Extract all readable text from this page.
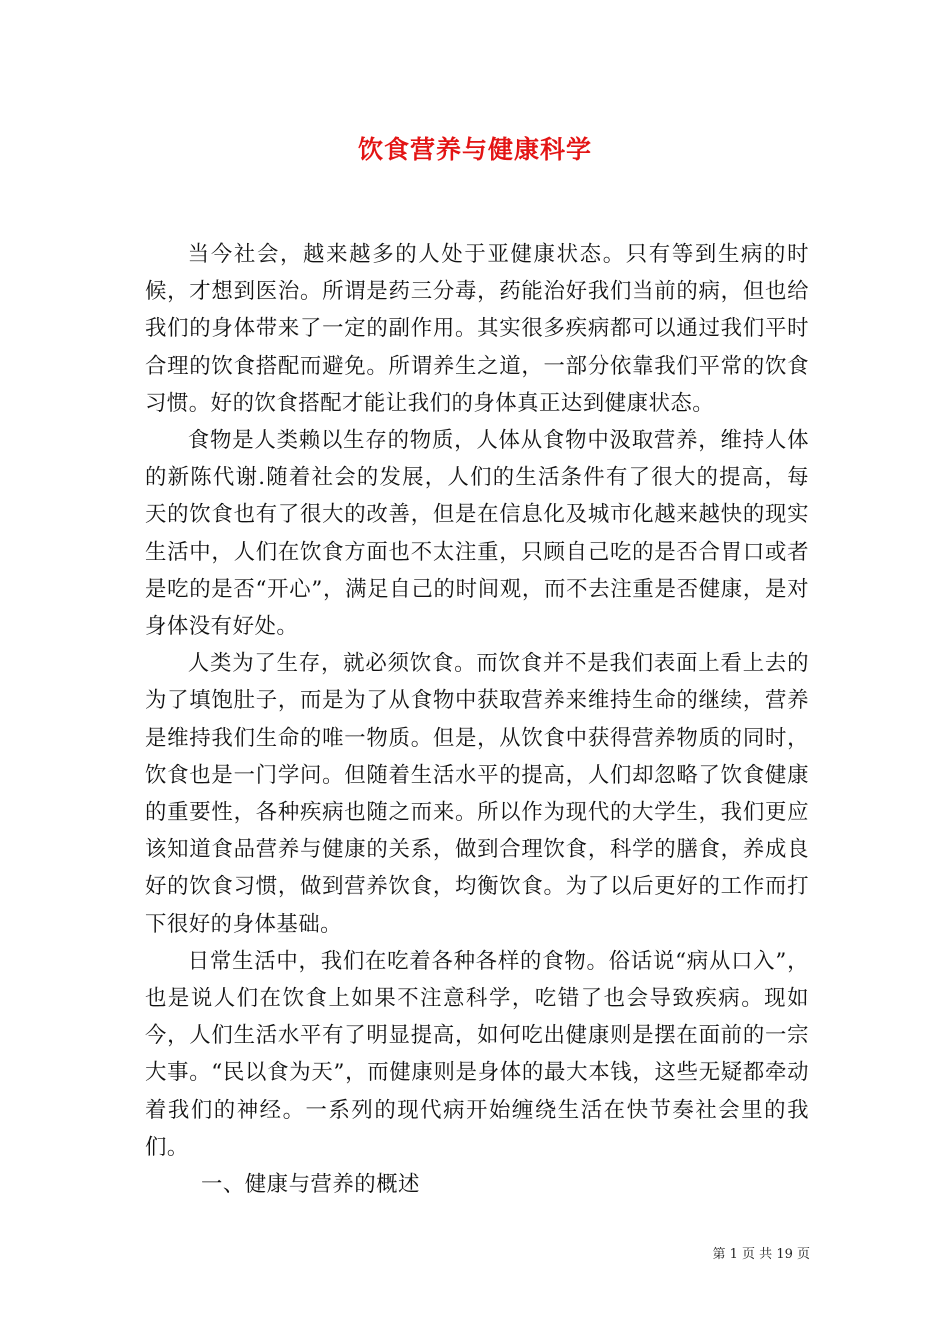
饮食营养与健康科学

当今社会，越来越多的人处于亚健康状态。只有等到生病的时候，才想到医治。所谓是药三分毒，药能治好我们当前的病，但也给我们的身体带来了一定的副作用。其实很多疾病都可以通过我们平时合理的饮食搭配而避免。所谓养生之道，一部分依靠我们平常的饮食习惯。好的饮食搭配才能让我们的身体真正达到健康状态。

食物是人类赖以生存的物质，人体从食物中汲取营养，维持人体的新陈代谢.随着社会的发展，人们的生活条件有了很大的提高，每天的饮食也有了很大的改善，但是在信息化及城市化越来越快的现实生活中，人们在饮食方面也不太注重，只顾自己吃的是否合胃口或者是吃的是否“开心”，满足自己的时间观，而不去注重是否健康，是对身体没有好处。

人类为了生存，就必须饮食。而饮食并不是我们表面上看上去的为了填饱肚子，而是为了从食物中获取营养来维持生命的继续，营养是维持我们生命的唯一物质。但是，从饮食中获得营养物质的同时，饮食也是一门学问。但随着生活水平的提高，人们却忽略了饮食健康的重要性，各种疾病也随之而来。所以作为现代的大学生，我们更应该知道食品营养与健康的关系，做到合理饮食，科学的膳食，养成良好的饮食习惯，做到营养饮食，均衡饮食。为了以后更好的工作而打下很好的身体基础。

日常生活中，我们在吃着各种各样的食物。俗话说“病从口入”，也是说人们在饮食上如果不注意科学，吃错了也会导致疾病。现如今，人们生活水平有了明显提高，如何吃出健康则是摆在面前的一宗大事。“民以食为天”，而健康则是身体的最大本钱，这些无疑都牵动着我们的神经。一系列的现代病开始缠绕生活在快节奏社会里的我们。

一、健康与营养的概述

第 1 页 共 19 页
